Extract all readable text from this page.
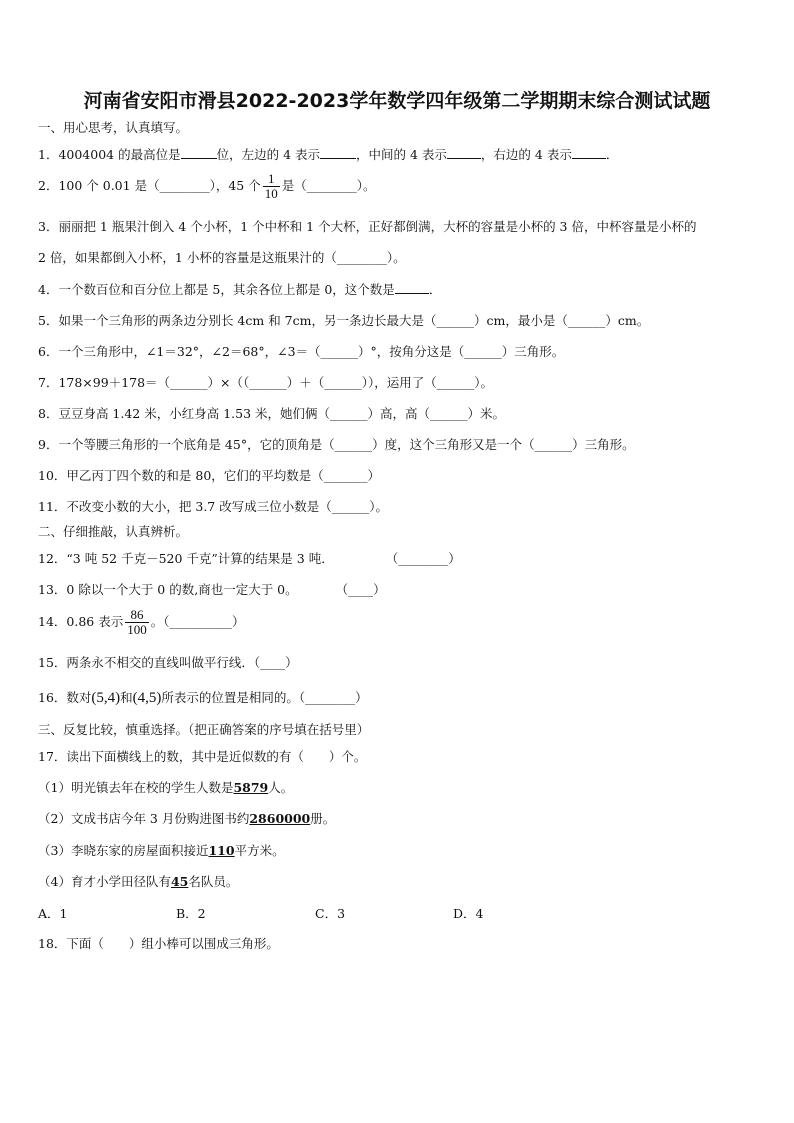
河南省安阳市滑县2022-2023学年数学四年级第二学期期末综合测试试题
一、用心思考，认真填写。
1．4004004 的最高位是	位，左边的 4 表示	，中间的 4 表示	，右边的 4 表示	．
2．100 个 0.01 是（________），45 个 $\frac{1}{10}$ 是（________）。
3．丽丽把 1 瓶果汁倒入 4 个小杯，1 个中杯和 1 个大杯，正好都倒满，大杯的容量是小杯的 3 倍，中杯容量是小杯的
2 倍，如果都倒入小杯，1 小杯的容量是这瓶果汁的（________）。
4．一个数百位和百分位上都是 5，其余各位上都是 0，这个数是	．
5．如果一个三角形的两条边分别长 4cm 和 7cm，另一条边长最大是（______）cm，最小是（______）cm。
6．一个三角形中，∠1＝32°，∠2＝68°，∠3＝（______）°，按角分这是（______）三角形。
7．178×99＋178＝（______）×（（______）＋（______）），运用了（______）。
8．豆豆身高 1.42 米，小红身高 1.53 米，她们俩（______）高，高（______）米。
9．一个等腰三角形的一个底角是 45°，它的顶角是（______）度，这个三角形又是一个（______）三角形。
10．甲乙丙丁四个数的和是 80，它们的平均数是（_______）
11．不改变小数的大小，把 3.7 改写成三位小数是（______）。
二、仔细推敲，认真辨析。
12．“3 吨 52 千克－520 千克”计算的结果是 3 吨．	（________）
13．0 除以一个大于 0 的数,商也一定大于 0。	（____）
14．0.86 表示 $\frac{86}{100}$ 。（__________）
15．两条永不相交的直线叫做平行线．（____）
16．数对(5,4)和(4,5)所表示的位置是相同的。（________）
三、反复比较，慎重选择。（把正确答案的序号填在括号里）
17．读出下面横线上的数，其中是近似数的有（　　）个。
（1）明光镇去年在校的学生人数是5879人。
（2）文成书店今年 3 月份购进图书约2860000册。
（3）李晓东家的房屋面积接近110平方米。
（4）育才小学田径队有45名队员。
A．1	B．2	C．3	D．4
18．下面（　　）组小棒可以围成三角形。
